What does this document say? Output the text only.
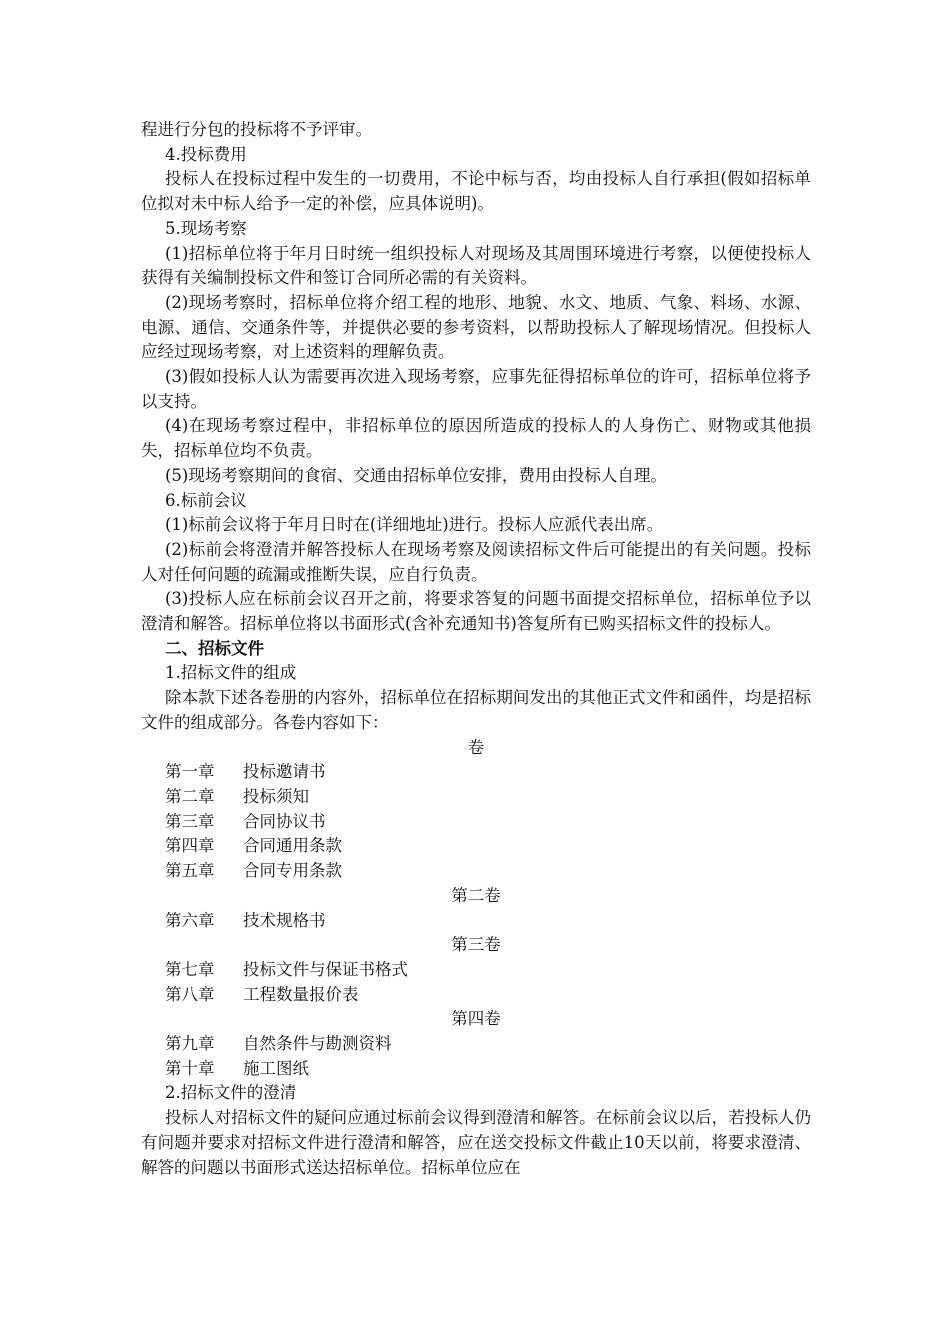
程进行分包的投标将不予评审。

4.投标费用

投标人在投标过程中发生的一切费用，不论中标与否，均由投标人自行承担(假如招标单位拟对未中标人给予一定的补偿，应具体说明)。

5.现场考察

(1)招标单位将于年月日时统一组织投标人对现场及其周围环境进行考察，以便使投标人获得有关编制投标文件和签订合同所必需的有关资料。

(2)现场考察时，招标单位将介绍工程的地形、地貌、水文、地质、气象、料场、水源、电源、通信、交通条件等，并提供必要的参考资料，以帮助投标人了解现场情况。但投标人应经过现场考察，对上述资料的理解负责。

(3)假如投标人认为需要再次进入现场考察，应事先征得招标单位的许可，招标单位将予以支持。

(4)在现场考察过程中，非招标单位的原因所造成的投标人的人身伤亡、财物或其他损失，招标单位均不负责。

(5)现场考察期间的食宿、交通由招标单位安排，费用由投标人自理。

6.标前会议

(1)标前会议将于年月日时在(详细地址)进行。投标人应派代表出席。

(2)标前会将澄清并解答投标人在现场考察及阅读招标文件后可能提出的有关问题。投标人对任何问题的疏漏或推断失误，应自行负责。

(3)投标人应在标前会议召开之前，将要求答复的问题书面提交招标单位，招标单位予以澄清和解答。招标单位将以书面形式(含补充通知书)答复所有已购买招标文件的投标人。

二、招标文件

1.招标文件的组成

除本款下述各卷册的内容外，招标单位在招标期间发出的其他正式文件和函件，均是招标文件的组成部分。各卷内容如下：

卷

第一章 投标邀请书

第二章 投标须知

第三章 合同协议书

第四章 合同通用条款

第五章 合同专用条款

第二卷

第六章 技术规格书

第三卷

第七章 投标文件与保证书格式

第八章 工程数量报价表

第四卷

第九章 自然条件与勘测资料

第十章 施工图纸

2.招标文件的澄清

投标人对招标文件的疑问应通过标前会议得到澄清和解答。在标前会议以后，若投标人仍有问题并要求对招标文件进行澄清和解答，应在送交投标文件截止10天以前，将要求澄清、解答的问题以书面形式送达招标单位。招标单位应在
